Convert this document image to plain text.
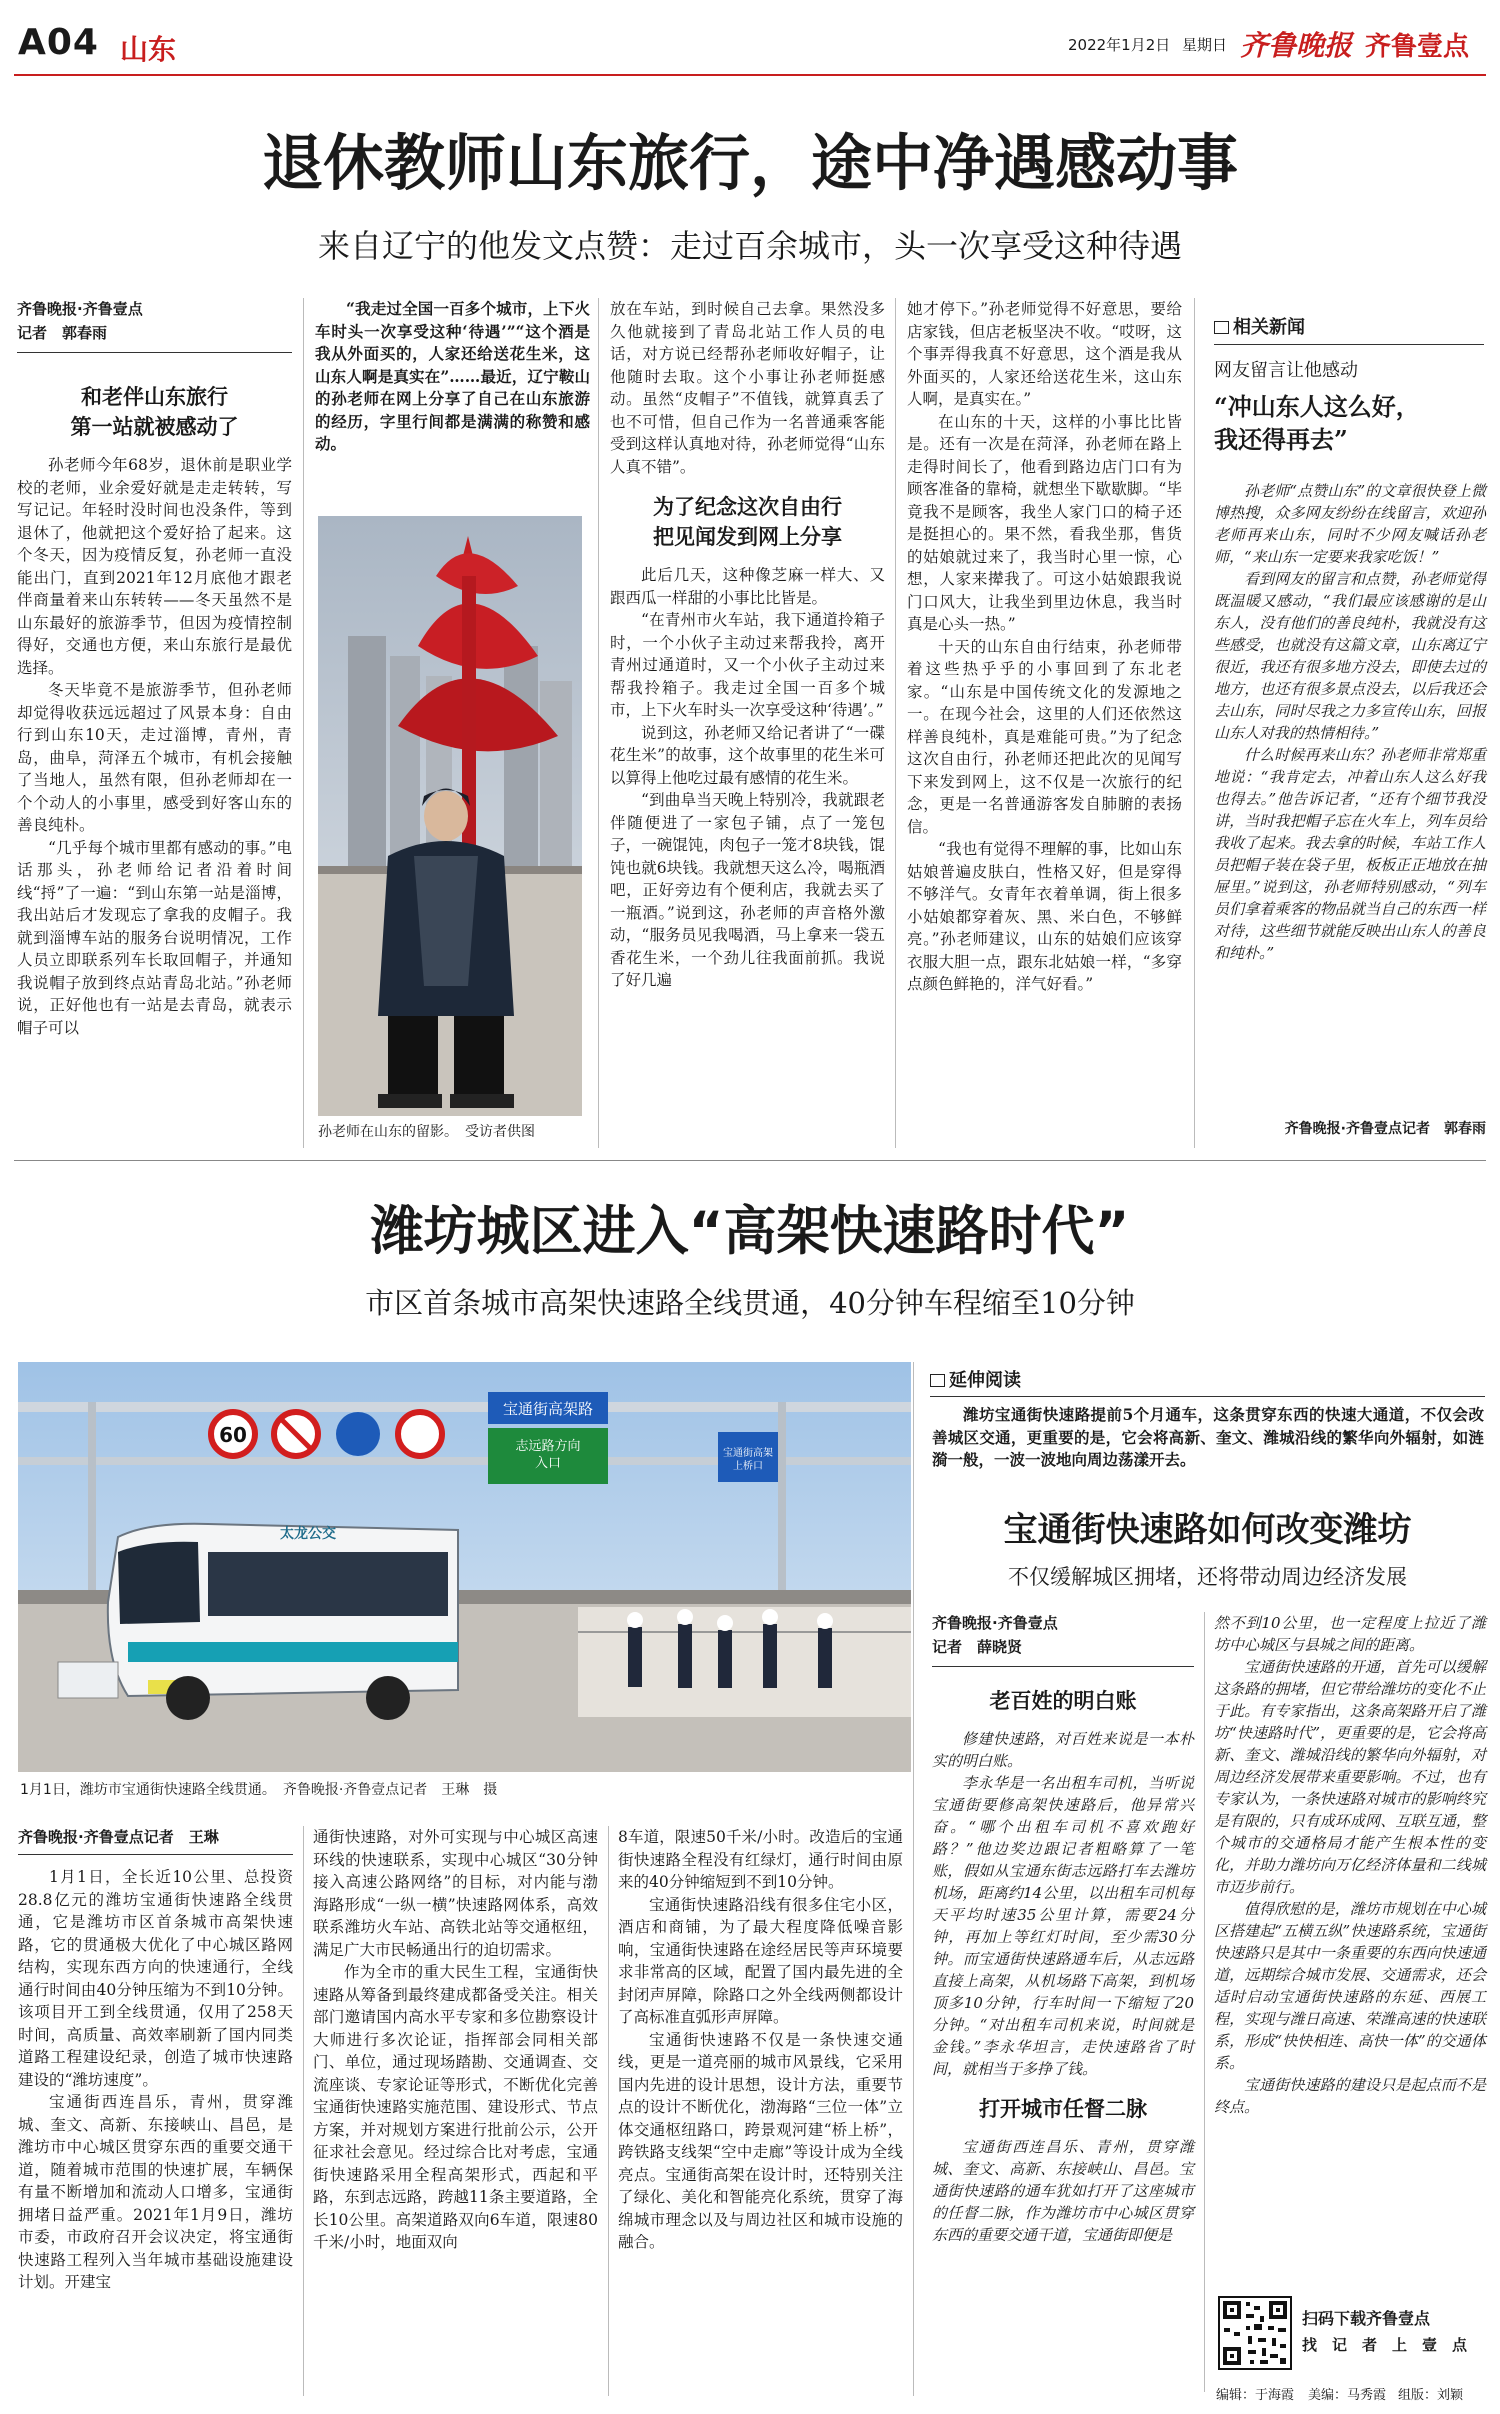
A04 山东	2022年1月2日 星期日 齐鲁晚报 齐鲁壹点
退休教师山东旅行，途中净遇感动事
来自辽宁的他发文点赞：走过百余城市，头一次享受这种待遇
齐鲁晚报·齐鲁壹点
记者　郭春雨

和老伴山东旅行
第一站就被感动了

孙老师今年68岁，退休前是职业学校的老师，业余爱好就是走走转转，写写记记。年轻时没时间也没条件，等到退休了，他就把这个爱好拾了起来。这个冬天，因为疫情反复，孙老师一直没能出门，直到2021年12月底他才跟老伴商量着来山东转转——冬天虽然不是山东最好的旅游季节，但因为疫情控制得好，交通也方便，来山东旅行是最优选择。

冬天毕竟不是旅游季节，但孙老师却觉得收获远远超过了风景本身：自由行到山东10天，走过淄博，青州，青岛，曲阜，菏泽五个城市，有机会接触了当地人，虽然有限，但孙老师却在一个个动人的小事里，感受到好客山东的善良纯朴。

“几乎每个城市里都有感动的事。”电话那头，孙老师给记者沿着时间线“捋”了一遍：“到山东第一站是淄博，我出站后才发现忘了拿我的皮帽子。我就到淄博车站的服务台说明情况，工作人员立即联系列车长取回帽子，并通知我说帽子放到终点站青岛北站。”孙老师说，正好他也有一站是去青岛，就表示帽子可以

“我走过全国一百多个城市，上下火车时头一次享受这种‘待遇’”“这个酒是我从外面买的，人家还给送花生米，这山东人啊是真实在”……最近，辽宁鞍山的孙老师在网上分享了自己在山东旅游的经历，字里行间都是满满的称赞和感动。

孙老师在山东的留影。　受访者供图

放在车站，到时候自己去拿。果然没多久他就接到了青岛北站工作人员的电话，对方说已经帮孙老师收好帽子，让他随时去取。这个小事让孙老师挺感动。虽然“皮帽子”不值钱，就算真丢了也不可惜，但自己作为一名普通乘客能受到这样认真地对待，孙老师觉得“山东人真不错”。

为了纪念这次自由行
把见闻发到网上分享

此后几天，这种像芝麻一样大、又跟西瓜一样甜的小事比比皆是。

“在青州市火车站，我下通道拎箱子时，一个小伙子主动过来帮我拎，离开青州过通道时，又一个小伙子主动过来帮我拎箱子。我走过全国一百多个城市，上下火车时头一次享受这种‘待遇’。”

说到这，孙老师又给记者讲了“一碟花生米”的故事，这个故事里的花生米可以算得上他吃过最有感情的花生米。

“到曲阜当天晚上特别冷，我就跟老伴随便进了一家包子铺，点了一笼包子，一碗馄饨，肉包子一笼才8块钱，馄饨也就6块钱。我就想天这么冷，喝瓶酒吧，正好旁边有个便利店，我就去买了一瓶酒。”说到这，孙老师的声音格外激动，“服务员见我喝酒，马上拿来一袋五香花生米，一个劲儿往我面前抓。我说了好几遍

她才停下。”孙老师觉得不好意思，要给店家钱，但店老板坚决不收。“哎呀，这个事弄得我真不好意思，这个酒是我从外面买的，人家还给送花生米，这山东人啊，是真实在。”

在山东的十天，这样的小事比比皆是。还有一次是在菏泽，孙老师在路上走得时间长了，他看到路边店门口有为顾客准备的靠椅，就想坐下歇歇脚。“毕竟我不是顾客，我坐人家门口的椅子还是挺担心的。果不然，看我坐那，售货的姑娘就过来了，我当时心里一惊，心想，人家来撵我了。可这小姑娘跟我说门口风大，让我坐到里边休息，我当时真是心头一热。”

十天的山东自由行结束，孙老师带着这些热乎乎的小事回到了东北老家。“山东是中国传统文化的发源地之一。在现今社会，这里的人们还依然这样善良纯朴，真是难能可贵。”为了纪念这次自由行，孙老师还把此次的见闻写下来发到网上，这不仅是一次旅行的纪念，更是一名普通游客发自肺腑的表扬信。

“我也有觉得不理解的事，比如山东姑娘普遍皮肤白，性格又好，但是穿得不够洋气。女青年衣着单调，街上很多小姑娘都穿着灰、黑、米白色，不够鲜亮。”孙老师建议，山东的姑娘们应该穿衣服大胆一点，跟东北姑娘一样，“多穿点颜色鲜艳的，洋气好看。”

相关新闻
网友留言让他感动
“冲山东人这么好，
我还得再去”

孙老师“点赞山东”的文章很快登上微博热搜，众多网友纷纷在线留言，欢迎孙老师再来山东，同时不少网友喊话孙老师，“来山东一定要来我家吃饭！”

看到网友的留言和点赞，孙老师觉得既温暖又感动，“我们最应该感谢的是山东人，没有他们的善良纯朴，我就没有这些感受，也就没有这篇文章，山东离辽宁很近，我还有很多地方没去，即使去过的地方，也还有很多景点没去，以后我还会去山东，同时尽我之力多宣传山东，回报山东人对我的热情相待。”

什么时候再来山东？孙老师非常郑重地说：“我肯定去，冲着山东人这么好我也得去。”他告诉记者，“还有个细节我没讲，当时我把帽子忘在火车上，列车员给我收了起来。我去拿的时候，车站工作人员把帽子装在袋子里，板板正正地放在抽屉里。”说到这，孙老师特别感动，“列车员们拿着乘客的物品就当自己的东西一样对待，这些细节就能反映出山东人的善良和纯朴。”

齐鲁晚报·齐鲁壹点记者　郭春雨
潍坊城区进入“高架快速路时代”
市区首条城市高架快速路全线贯通，40分钟车程缩至10分钟
60
宝通街高架路
志远路方向入口
宝通街高架上桥口
太龙公交
1月1日，潍坊市宝通街快速路全线贯通。　齐鲁晚报·齐鲁壹点记者　王琳　摄
齐鲁晚报·齐鲁壹点记者　王琳

1月1日，全长近10公里、总投资28.8亿元的潍坊宝通街快速路全线贯通，它是潍坊市区首条城市高架快速路，它的贯通极大优化了中心城区路网结构，实现东西方向的快速通行，全线通行时间由40分钟压缩为不到10分钟。该项目开工到全线贯通，仅用了258天时间，高质量、高效率刷新了国内同类道路工程建设纪录，创造了城市快速路建设的“潍坊速度”。

宝通街西连昌乐，青州，贯穿潍城、奎文、高新、东接峡山、昌邑，是潍坊市中心城区贯穿东西的重要交通干道，随着城市范围的快速扩展，车辆保有量不断增加和流动人口增多，宝通街拥堵日益严重。2021年1月9日，潍坊市委，市政府召开会议决定，将宝通街快速路工程列入当年城市基础设施建设计划。开建宝

通街快速路，对外可实现与中心城区高速环线的快速联系，实现中心城区“30分钟接入高速公路网络”的目标，对内能与渤海路形成“一纵一横”快速路网体系，高效联系潍坊火车站、高铁北站等交通枢纽，满足广大市民畅通出行的迫切需求。

作为全市的重大民生工程，宝通街快速路从筹备到最终建成都备受关注。相关部门邀请国内高水平专家和多位勘察设计大师进行多次论证，指挥部会同相关部门、单位，通过现场踏勘、交通调查、交流座谈、专家论证等形式，不断优化完善宝通街快速路实施范围、建设形式、节点方案，并对规划方案进行批前公示，公开征求社会意见。经过综合比对考虑，宝通街快速路采用全程高架形式，西起和平路，东到志远路，跨越11条主要道路，全长10公里。高架道路双向6车道，限速80千米/小时，地面双向

8车道，限速50千米/小时。改造后的宝通街快速路全程没有红绿灯，通行时间由原来的40分钟缩短到不到10分钟。

宝通街快速路沿线有很多住宅小区，酒店和商铺，为了最大程度降低噪音影响，宝通街快速路在途经居民等声环境要求非常高的区域，配置了国内最先进的全封闭声屏障，除路口之外全线两侧都设计了高标准直弧形声屏障。

宝通街快速路不仅是一条快速交通线，更是一道亮丽的城市风景线，它采用国内先进的设计思想，设计方法，重要节点的设计不断优化，渤海路“三位一体”立体交通枢纽路口，跨景观河建“桥上桥”，跨铁路支线架“空中走廊”等设计成为全线亮点。宝通街高架在设计时，还特别关注了绿化、美化和智能亮化系统，贯穿了海绵城市理念以及与周边社区和城市设施的融合。

延伸阅读

潍坊宝通街快速路提前5个月通车，这条贯穿东西的快速大通道，不仅会改善城区交通，更重要的是，它会将高新、奎文、潍城沿线的繁华向外辐射，如涟漪一般，一波一波地向周边荡漾开去。

宝通街快速路如何改变潍坊
不仅缓解城区拥堵，还将带动周边经济发展
齐鲁晚报·齐鲁壹点
记者　薛晓贤

老百姓的明白账

修建快速路，对百姓来说是一本朴实的明白账。

李永华是一名出租车司机，当听说宝通街要修高架快速路后，他异常兴奋。“哪个出租车司机不喜欢跑好路？”他边奖边跟记者粗略算了一笔账，假如从宝通东街志远路打车去潍坊机场，距离约14公里，以出租车司机每天平均时速35公里计算，需要24分钟，再加上等红灯时间，至少需30分钟。而宝通街快速路通车后，从志远路直接上高架，从机场路下高架，到机场顶多10分钟，行车时间一下缩短了20分钟。“对出租车司机来说，时间就是金钱。”李永华坦言，走快速路省了时间，就相当于多挣了钱。

打开城市任督二脉

宝通街西连昌乐、青州，贯穿潍城、奎文、高新、东接峡山、昌邑。宝通街快速路的通车犹如打开了这座城市的任督二脉，作为潍坊市中心城区贯穿东西的重要交通干道，宝通街即便是

然不到10公里，也一定程度上拉近了潍坊中心城区与县城之间的距离。

宝通街快速路的开通，首先可以缓解这条路的拥堵，但它带给潍坊的变化不止于此。有专家指出，这条高架路开启了潍坊“快速路时代”，更重要的是，它会将高新、奎文、潍城沿线的繁华向外辐射，对周边经济发展带来重要影响。不过，也有专家认为，一条快速路对城市的影响终究是有限的，只有成环成网、互联互通，整个城市的交通格局才能产生根本性的变化，并助力潍坊向万亿经济体量和二线城市迈步前行。

值得欣慰的是，潍坊市规划在中心城区搭建起“五横五纵”快速路系统，宝通街快速路只是其中一条重要的东西向快速通道，远期综合城市发展、交通需求，还会适时启动宝通街快速路的东延、西展工程，实现与潍日高速、荣潍高速的快速联系，形成“快快相连、高快一体”的交通体系。

宝通街快速路的建设只是起点而不是终点。

扫码下载齐鲁壹点
找　记　者　上　壹　点
编辑：于海霞 美编：马秀霞 组版：刘颖
